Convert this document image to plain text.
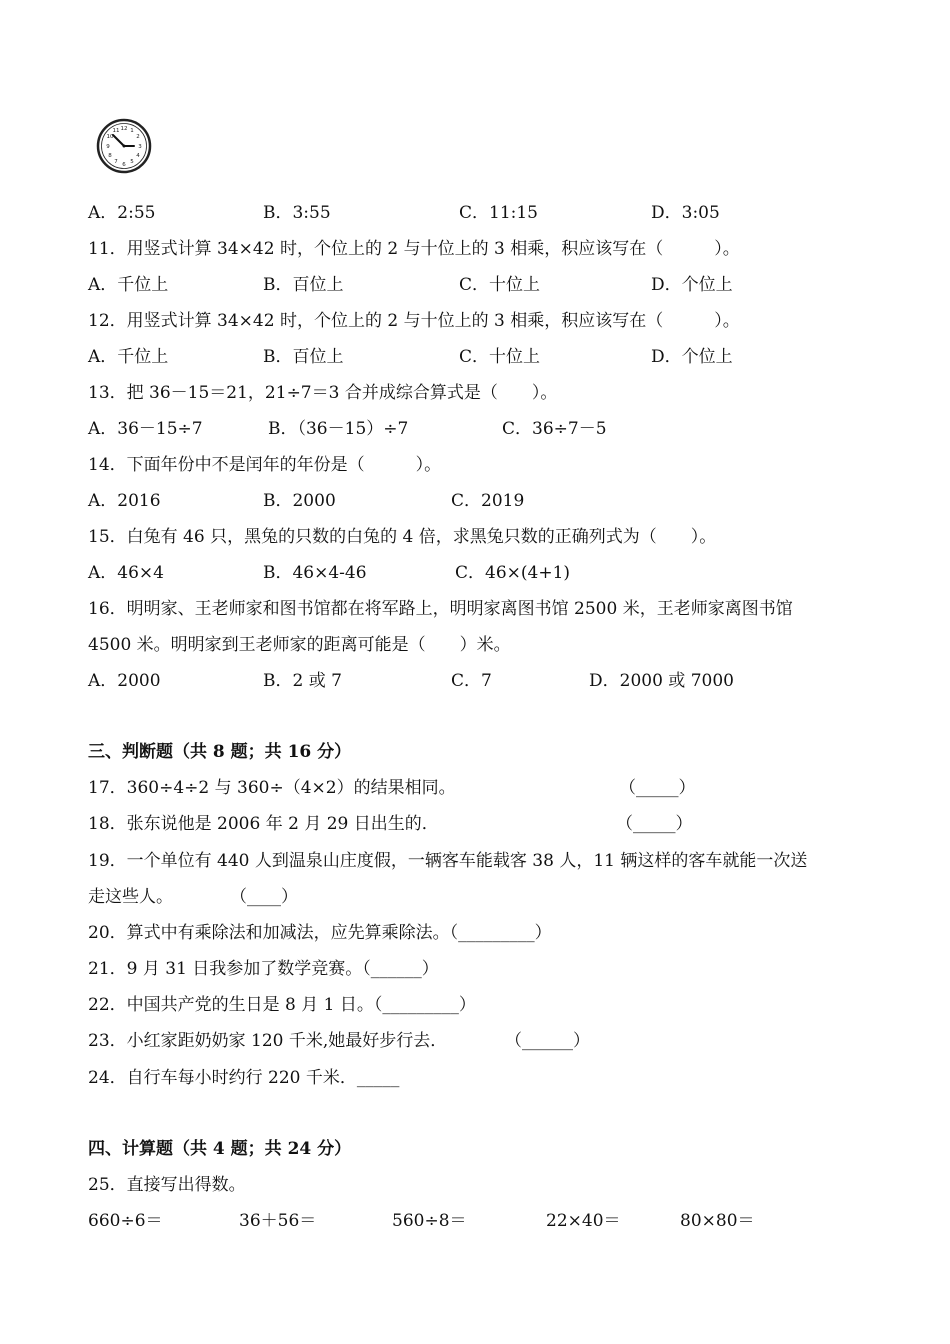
12 1
2
3
4
5
6
7
8
9
10
11
A．2:55	B．3:55	C．11:15	D．3:05
11．用竖式计算 34×42 时，个位上的 2 与十位上的 3 相乘，积应该写在（　　　）。
A．千位上	B．百位上	C．十位上	D．个位上
12．用竖式计算 34×42 时，个位上的 2 与十位上的 3 相乘，积应该写在（　　　）。
A．千位上	B．百位上	C．十位上	D．个位上
13．把 36－15＝21，21÷7＝3 合并成综合算式是（　　）。
A．36－15÷7	B．（36－15）÷7	C．36÷7－5
14．下面年份中不是闰年的年份是（　　　）。
A．2016	B．2000	C．2019
15．白兔有 46 只，黑兔的只数的白兔的 4 倍，求黑兔只数的正确列式为（　　）。
A．46×4	B．46×4-46	C．46×(4+1)
16．明明家、王老师家和图书馆都在将军路上，明明家离图书馆 2500 米，王老师家离图书馆
4500 米。明明家到王老师家的距离可能是（　　）米。
A．2000	B．2 或 7	C．7	D．2000 或 7000
三、判断题（共 8 题；共 16 分）
17．360÷4÷2 与 360÷（4×2）的结果相同。	（_____）
18．张东说他是 2006 年 2 月 29 日出生的．	（_____）
19．一个单位有 440 人到温泉山庄度假，一辆客车能载客 38 人，11 辆这样的客车就能一次送
走这些人。	（____）
20．算式中有乘除法和加减法，应先算乘除法。（_________）
21．9 月 31 日我参加了数学竞赛。（______）
22．中国共产党的生日是 8 月 1 日。（_________）
23．小红家距奶奶家 120 千米,她最好步行去．	（______）
24．自行车每小时约行 220 千米．_____
四、计算题（共 4 题；共 24 分）
25．直接写出得数。
660÷6＝	36＋56＝	560÷8＝	22×40＝	80×80＝
